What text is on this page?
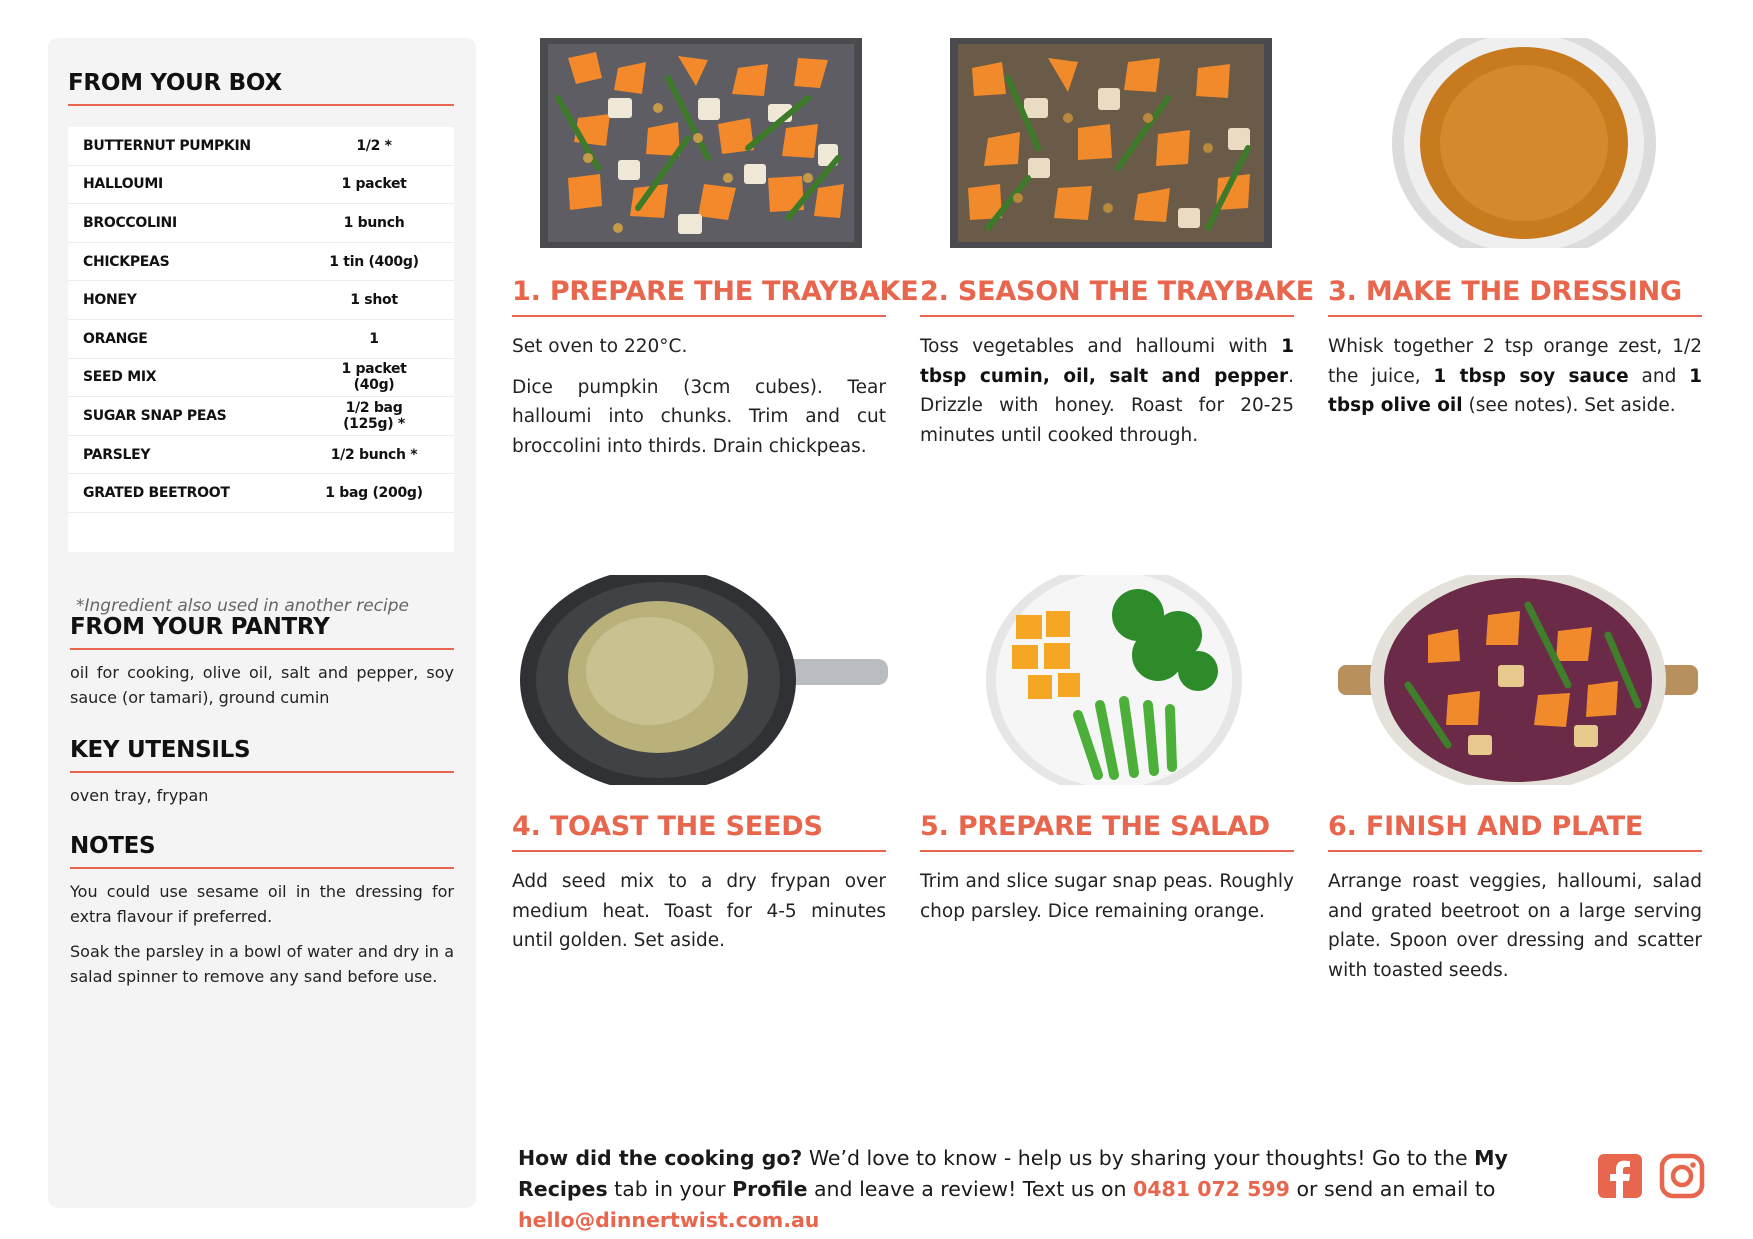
FROM YOUR BOX
BUTTERNUT PUMPKIN	1/2 *
HALLOUMI	1 packet
BROCCOLINI	1 bunch
CHICKPEAS	1 tin (400g)
HONEY	1 shot
ORANGE	1
SEED MIX	1 packet (40g)
SUGAR SNAP PEAS	1/2 bag (125g) *
PARSLEY	1/2 bunch *
GRATED BEETROOT	1 bag (200g)
*Ingredient also used in another recipe
FROM YOUR PANTRY
oil for cooking, olive oil, salt and pepper, soy sauce (or tamari), ground cumin
KEY UTENSILS
oven tray, frypan
NOTES
You could use sesame oil in the dressing for extra flavour if preferred.
Soak the parsley in a bowl of water and dry in a salad spinner to remove any sand before use.
1. PREPARE THE TRAYBAKE

Set oven to 220°C.

Dice pumpkin (3cm cubes). Tear halloumi into chunks. Trim and cut broccolini into thirds. Drain chickpeas.

2. SEASON THE TRAYBAKE

Toss vegetables and halloumi with 1 tbsp cumin, oil, salt and pepper. Drizzle with honey. Roast for 20-25 minutes until cooked through.

3. MAKE THE DRESSING

Whisk together 2 tsp orange zest, 1/2 the juice, 1 tbsp soy sauce and 1 tbsp olive oil (see notes). Set aside.

4. TOAST THE SEEDS

Add seed mix to a dry frypan over medium heat. Toast for 4-5 minutes until golden. Set aside.

5. PREPARE THE SALAD

Trim and slice sugar snap peas. Roughly chop parsley. Dice remaining orange.

6. FINISH AND PLATE

Arrange roast veggies, halloumi, salad and grated beetroot on a large serving plate. Spoon over dressing and scatter with toasted seeds.

How did the cooking go? We’d love to know - help us by sharing your thoughts! Go to the My Recipes tab in your Profile and leave a review! Text us on 0481 072 599 or send an email to hello@dinnertwist.com.au
